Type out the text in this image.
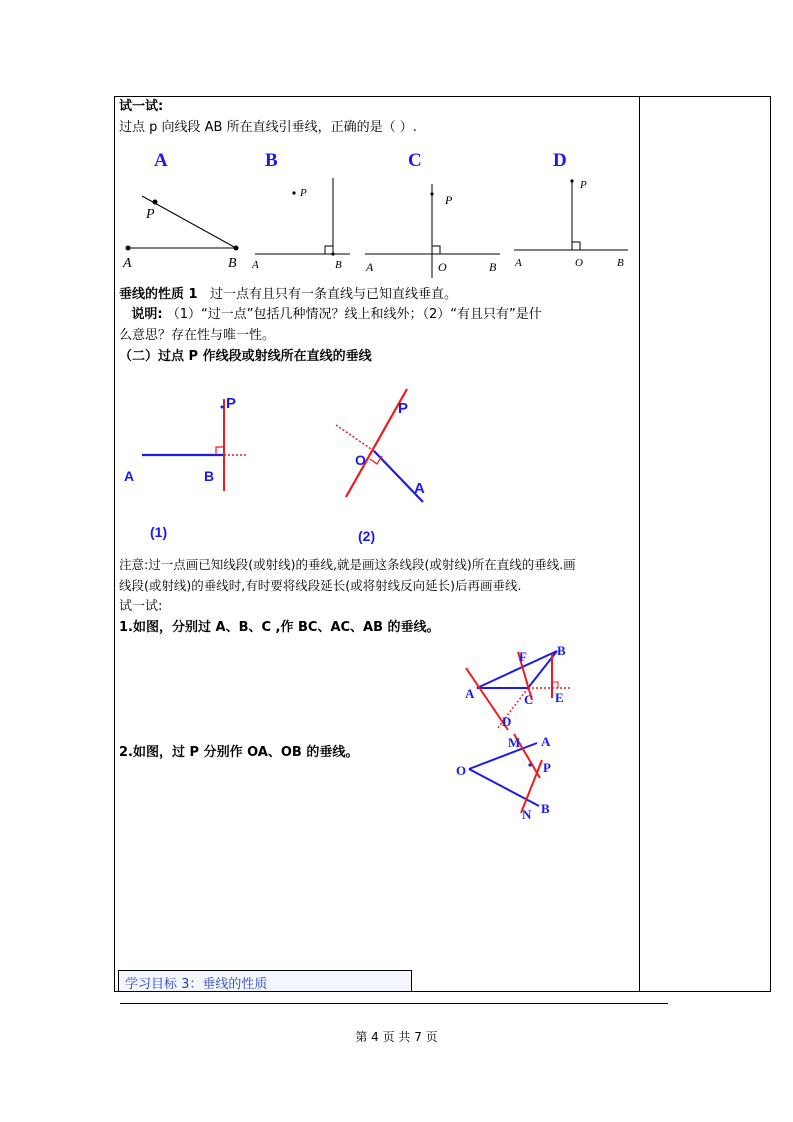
试一试:
过点 p 向线段 AB 所在直线引垂线，正确的是（ ）.
A
P
A	B
B
P
A	B
C
P
A	O	B
D
P
A	O	B
垂线的性质 1 过一点有且只有一条直线与已知直线垂直。
说明: （1）“过一点”包括几种情况？线上和线外；（2）“有且只有”是什
么意思？存在性与唯一性。
（二）过点 P 作线段或射线所在直线的垂线
P
A	B
(1)
P
O
A
(2)
注意:过一点画已知线段(或射线)的垂线,就是画这条线段(或射线)所在直线的垂线.画
线段(或射线)的垂线时,有时要将线段延长(或将射线反向延长)后再画垂线.
试一试:
1.如图，分别过 A、B、C ,作 BC、AC、AB 的垂线。
F B
A	C E
D
2.如图，过 P 分别作 OA、OB 的垂线。
M A
O	P
N B
学习目标 3：垂线的性质
第 4 页 共 7 页
